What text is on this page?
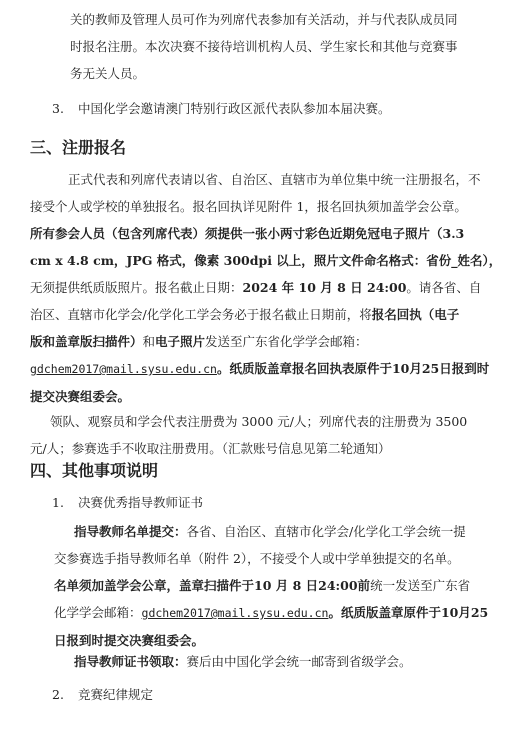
关的教师及管理人员可作为列席代表参加有关活动，并与代表队成员同
时报名注册。本次决赛不接待培训机构人员、学生家长和其他与竞赛事
务无关人员。
3. 中国化学会邀请澳门特别行政区派代表队参加本届决赛。
三、注册报名
正式代表和列席代表请以省、自治区、直辖市为单位集中统一注册报名，不
接受个人或学校的单独报名。报名回执详见附件 1，报名回执须加盖学会公章。
所有参会人员（包含列席代表）须提供一张小两寸彩色近期免冠电子照片（3.3
cm x 4.8 cm，JPG 格式，像素 300dpi 以上，照片文件命名格式：省份_姓名），
无须提供纸质版照片。报名截止日期：2024 年 10 月 8 日 24:00。请各省、自
治区、直辖市化学会/化学化工学会务必于报名截止日期前，将报名回执（电子
版和盖章版扫描件）和电子照片发送至广东省化学学会邮箱：
gdchem2017@mail.sysu.edu.cn。纸质版盖章报名回执表原件于10月25日报到时
提交决赛组委会。
领队、观察员和学会代表注册费为 3000 元/人；列席代表的注册费为 3500
元/人；参赛选手不收取注册费用。（汇款账号信息见第二轮通知）
四、其他事项说明
1. 决赛优秀指导教师证书
指导教师名单提交：各省、自治区、直辖市化学会/化学化工学会统一提
交参赛选手指导教师名单（附件 2），不接受个人或中学单独提交的名单。
名单须加盖学会公章，盖章扫描件于10 月 8 日24:00前统一发送至广东省
化学学会邮箱：gdchem2017@mail.sysu.edu.cn。纸质版盖章原件于10月25
日报到时提交决赛组委会。
指导教师证书领取：赛后由中国化学会统一邮寄到省级学会。
2. 竞赛纪律规定
